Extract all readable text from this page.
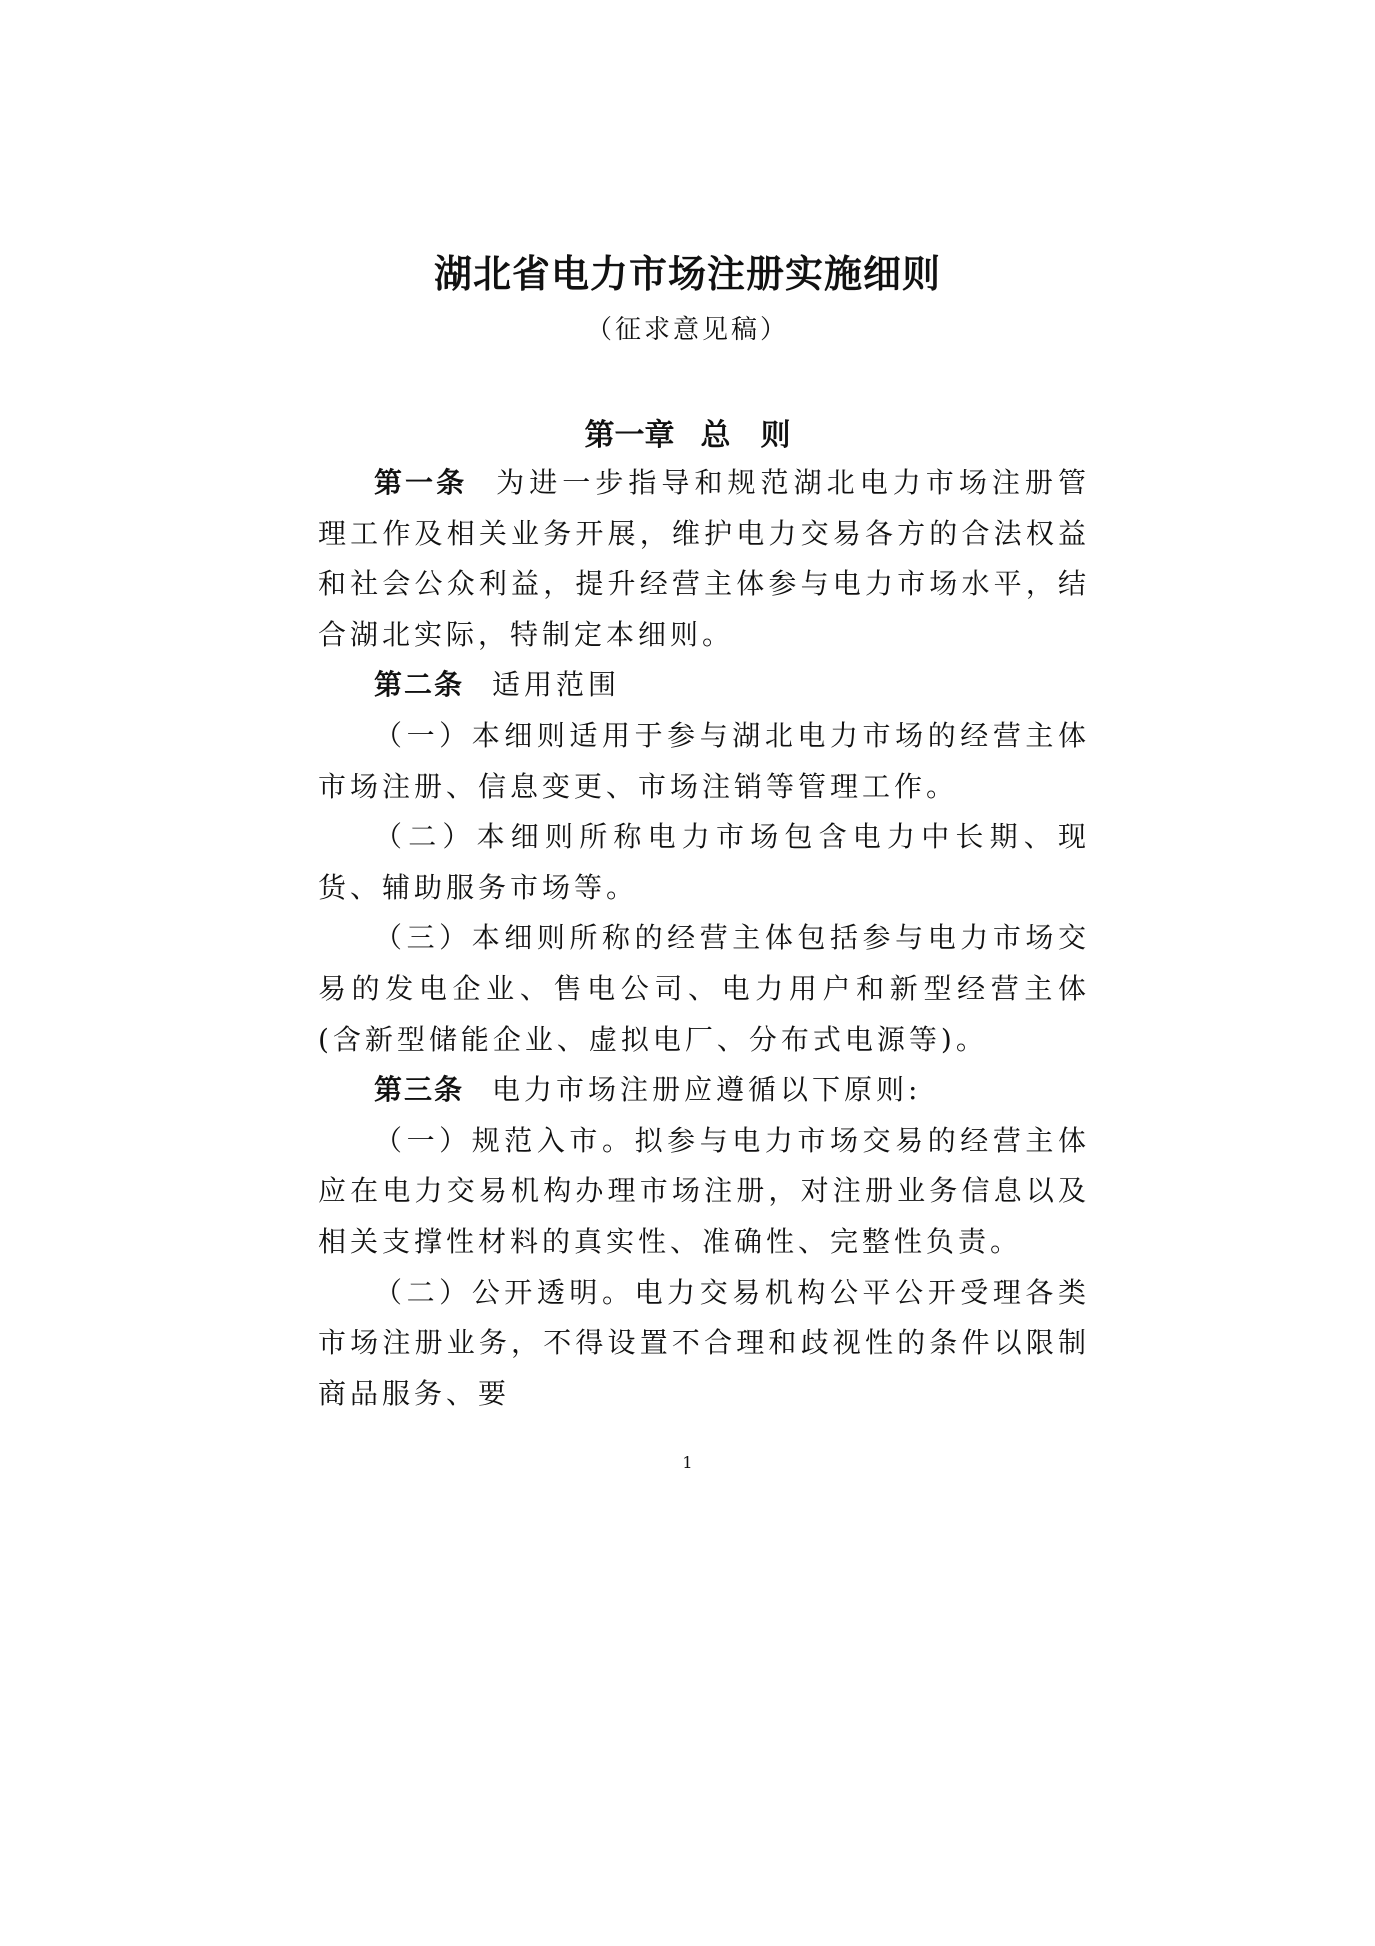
湖北省电力市场注册实施细则
（征求意见稿）
第一章 总　则

第一条 为进一步指导和规范湖北电力市场注册管理工作及相关业务开展，维护电力交易各方的合法权益和社会公众利益，提升经营主体参与电力市场水平，结合湖北实际，特制定本细则。

第二条 适用范围

（一）本细则适用于参与湖北电力市场的经营主体市场注册、信息变更、市场注销等管理工作。

（二）本细则所称电力市场包含电力中长期、现货、辅助服务市场等。

（三）本细则所称的经营主体包括参与电力市场交易的发电企业、售电公司、电力用户和新型经营主体(含新型储能企业、虚拟电厂、分布式电源等)。

第三条 电力市场注册应遵循以下原则:

（一）规范入市。拟参与电力市场交易的经营主体应在电力交易机构办理市场注册，对注册业务信息以及相关支撑性材料的真实性、准确性、完整性负责。

（二）公开透明。电力交易机构公平公开受理各类市场注册业务，不得设置不合理和歧视性的条件以限制商品服务、要

1
